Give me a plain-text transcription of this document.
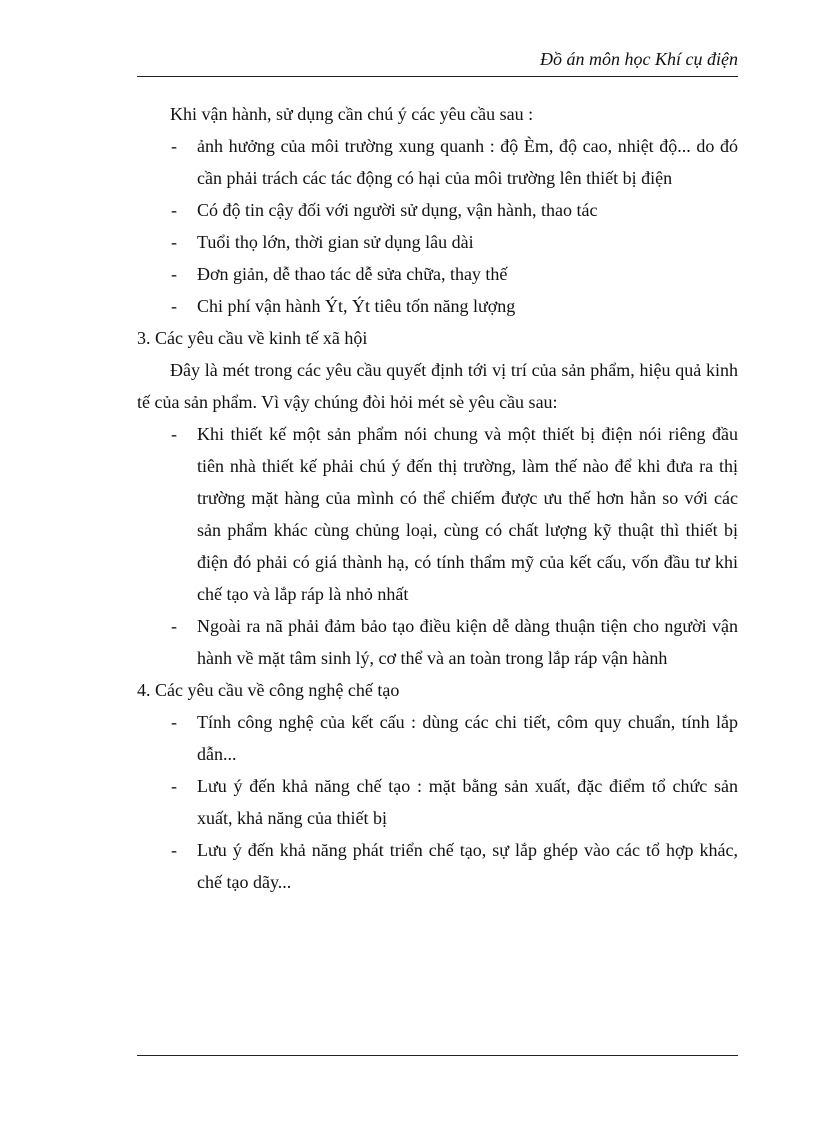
Đồ án môn học Khí cụ điện

Khi vận hành, sử dụng cần chú ý các yêu cầu sau :

- ảnh hưởng của môi trường xung quanh : độ Èm, độ cao, nhiệt độ... do đó cần phải trách các tác động có hại của môi trường lên thiết bị điện
- Có độ tin cậy đối với người sử dụng, vận hành, thao tác
- Tuổi thọ lớn, thời gian sử dụng lâu dài
- Đơn giản, dễ thao tác dễ sửa chữa, thay thế
- Chi phí vận hành Ýt, Ýt tiêu tốn năng lượng

3. Các yêu cầu về kinh tế xã hội

Đây là mét trong các yêu cầu quyết định tới vị trí của sản phẩm, hiệu quả kinh tế của sản phẩm. Vì vậy chúng đòi hỏi mét sè yêu cầu sau:

- Khi thiết kế một sản phẩm nói chung và một thiết bị điện nói riêng đầu tiên nhà thiết kế phải chú ý đến thị trường, làm thế nào để khi đưa ra thị trường mặt hàng của mình có thể chiếm được ưu thế hơn hẳn so với các sản phẩm khác cùng chủng loại, cùng có chất lượng kỹ thuật thì thiết bị điện đó phải có giá thành hạ, có tính thẩm mỹ của kết cấu, vốn đầu tư khi chế tạo và lắp ráp là nhỏ nhất
- Ngoài ra nã phải đảm bảo tạo điều kiện dễ dàng thuận tiện cho người vận hành về mặt tâm sinh lý, cơ thể và an toàn trong lắp ráp vận hành

4. Các yêu cầu về công nghệ chế tạo

- Tính công nghệ của kết cấu : dùng các chi tiết, côm quy chuẩn, tính lắp dẫn...
- Lưu ý đến khả năng chế tạo : mặt bằng sản xuất, đặc điểm tổ chức sản xuất, khả năng của thiết bị
- Lưu ý đến khả năng phát triển chế tạo, sự lắp ghép vào các tổ hợp khác, chế tạo dãy...
